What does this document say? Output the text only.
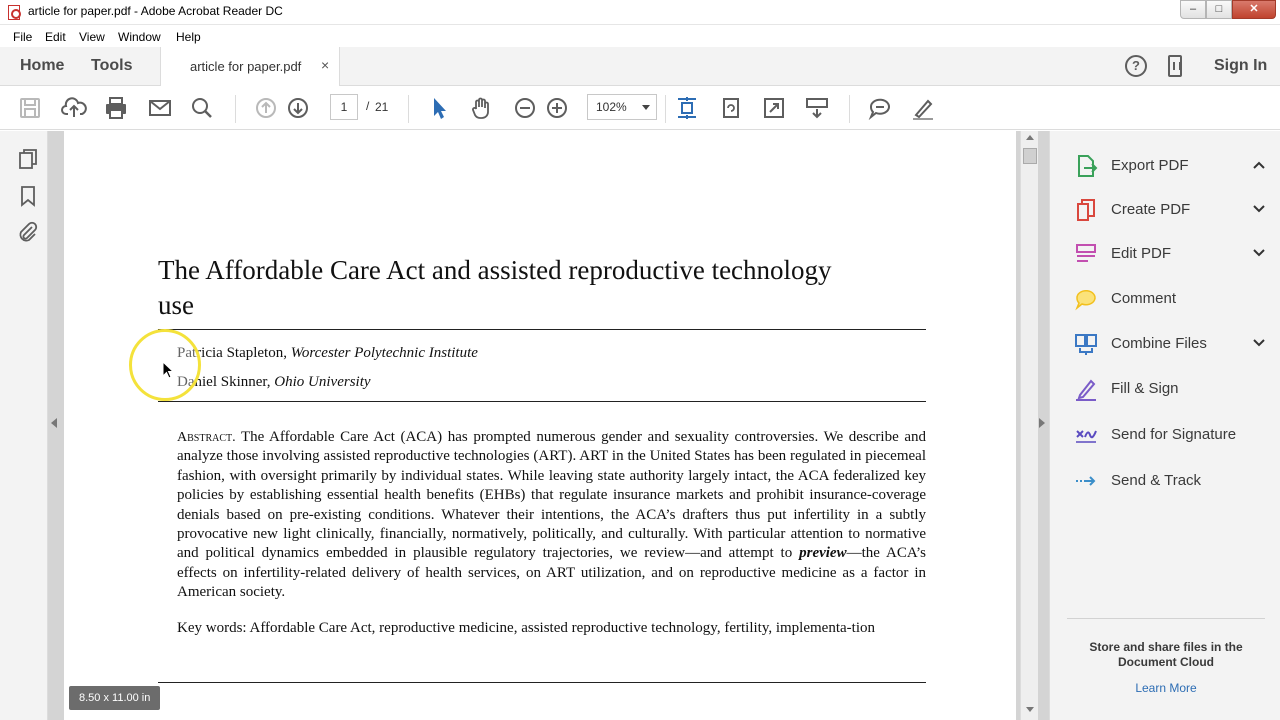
article for paper.pdf - Adobe Acrobat Reader DC	–	□	✕
File Edit View Window Help
Home Tools	article for paper.pdf ×	?	Sign In
1	/ 21	102%
The Affordable Care Act and assisted reproductive technology use
Patricia Stapleton, Worcester Polytechnic Institute
Daniel Skinner, Ohio University
Abstract. The Affordable Care Act (ACA) has prompted numerous gender and sexuality controversies. We describe and analyze those involving assisted reproductive technologies (ART). ART in the United States has been regulated in piecemeal fashion, with oversight primarily by individual states. While leaving state authority largely intact, the ACA federalized key policies by establishing essential health benefits (EHBs) that regulate insurance markets and prohibit insurance-coverage denials based on pre-existing conditions. Whatever their intentions, the ACA’s drafters thus put infertility in a subtly provocative new light clinically, financially, normatively, politically, and culturally. With particular attention to normative and political dynamics embedded in plausible regulatory trajectories, we review—and attempt to preview—the ACA’s effects on infertility-related delivery of health services, on ART utilization, and on reproductive medicine as a factor in American society.
Key words: Affordable Care Act, reproductive medicine, assisted reproductive technology, fertility, implementa-tion
8.50 x 11.00 in
Export PDF
Create PDF
Edit PDF
Comment
Combine Files
Fill & Sign
Send for Signature
Send & Track
Store and share files in the Document Cloud
Learn More
